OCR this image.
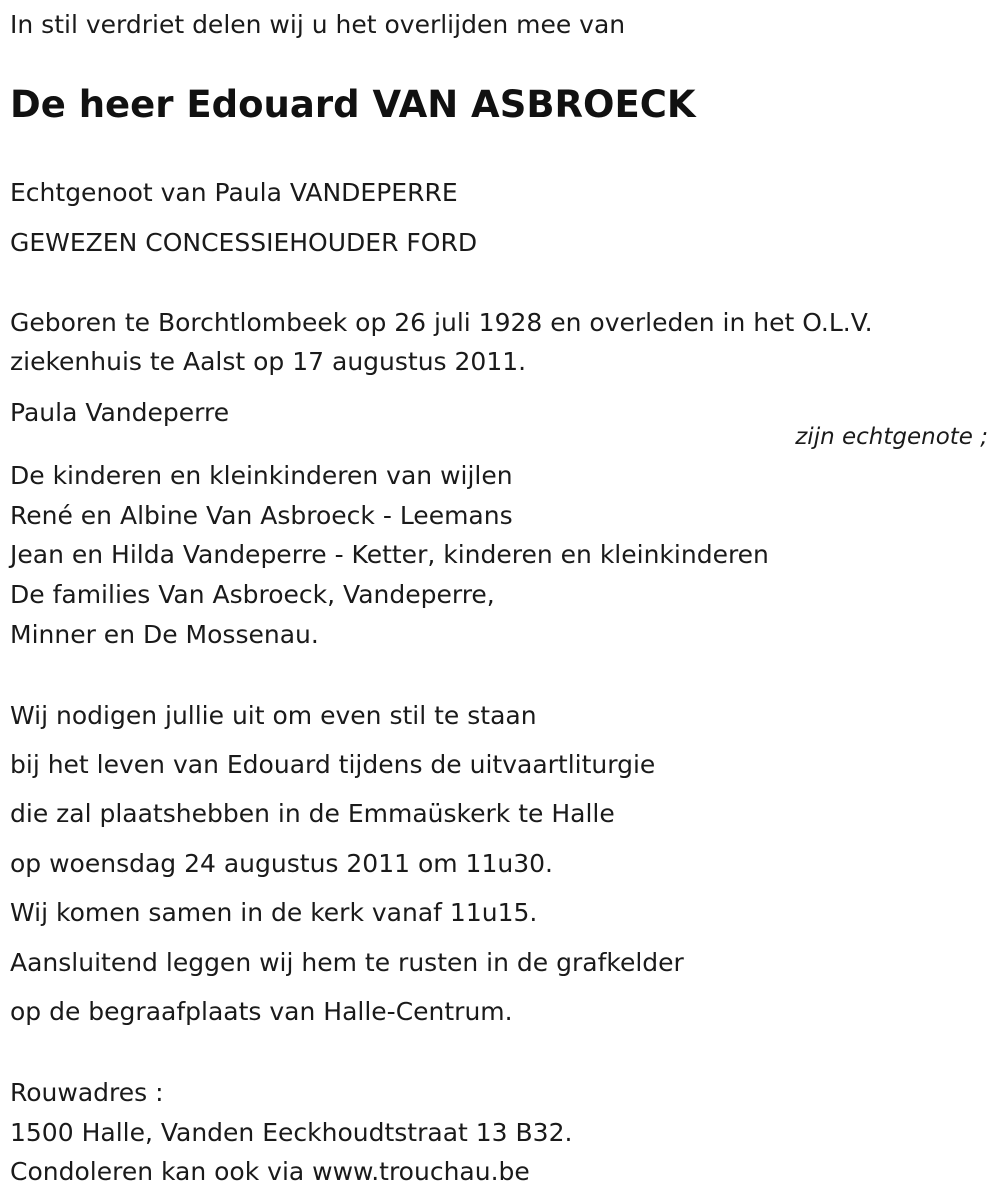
In stil verdriet delen wij u het overlijden mee van
De heer Edouard VAN ASBROECK
Echtgenoot van Paula VANDEPERRE
GEWEZEN CONCESSIEHOUDER FORD
Geboren te Borchtlombeek op 26 juli 1928 en overleden in het O.L.V.
ziekenhuis te Aalst op 17 augustus 2011.
Paula Vandeperre
zijn echtgenote ;
De kinderen en kleinkinderen van wijlen
René en Albine Van Asbroeck - Leemans
Jean en Hilda Vandeperre - Ketter, kinderen en kleinkinderen
De families Van Asbroeck, Vandeperre,
Minner en De Mossenau.
Wij nodigen jullie uit om even stil te staan
bij het leven van Edouard tijdens de uitvaartliturgie
die zal plaatshebben in de Emmaüskerk te Halle
op woensdag 24 augustus 2011 om 11u30.
Wij komen samen in de kerk vanaf 11u15.
Aansluitend leggen wij hem te rusten in de grafkelder
op de begraafplaats van Halle-Centrum.
Rouwadres :
1500 Halle, Vanden Eeckhoudtstraat 13 B32.
Condoleren kan ook via www.trouchau.be
